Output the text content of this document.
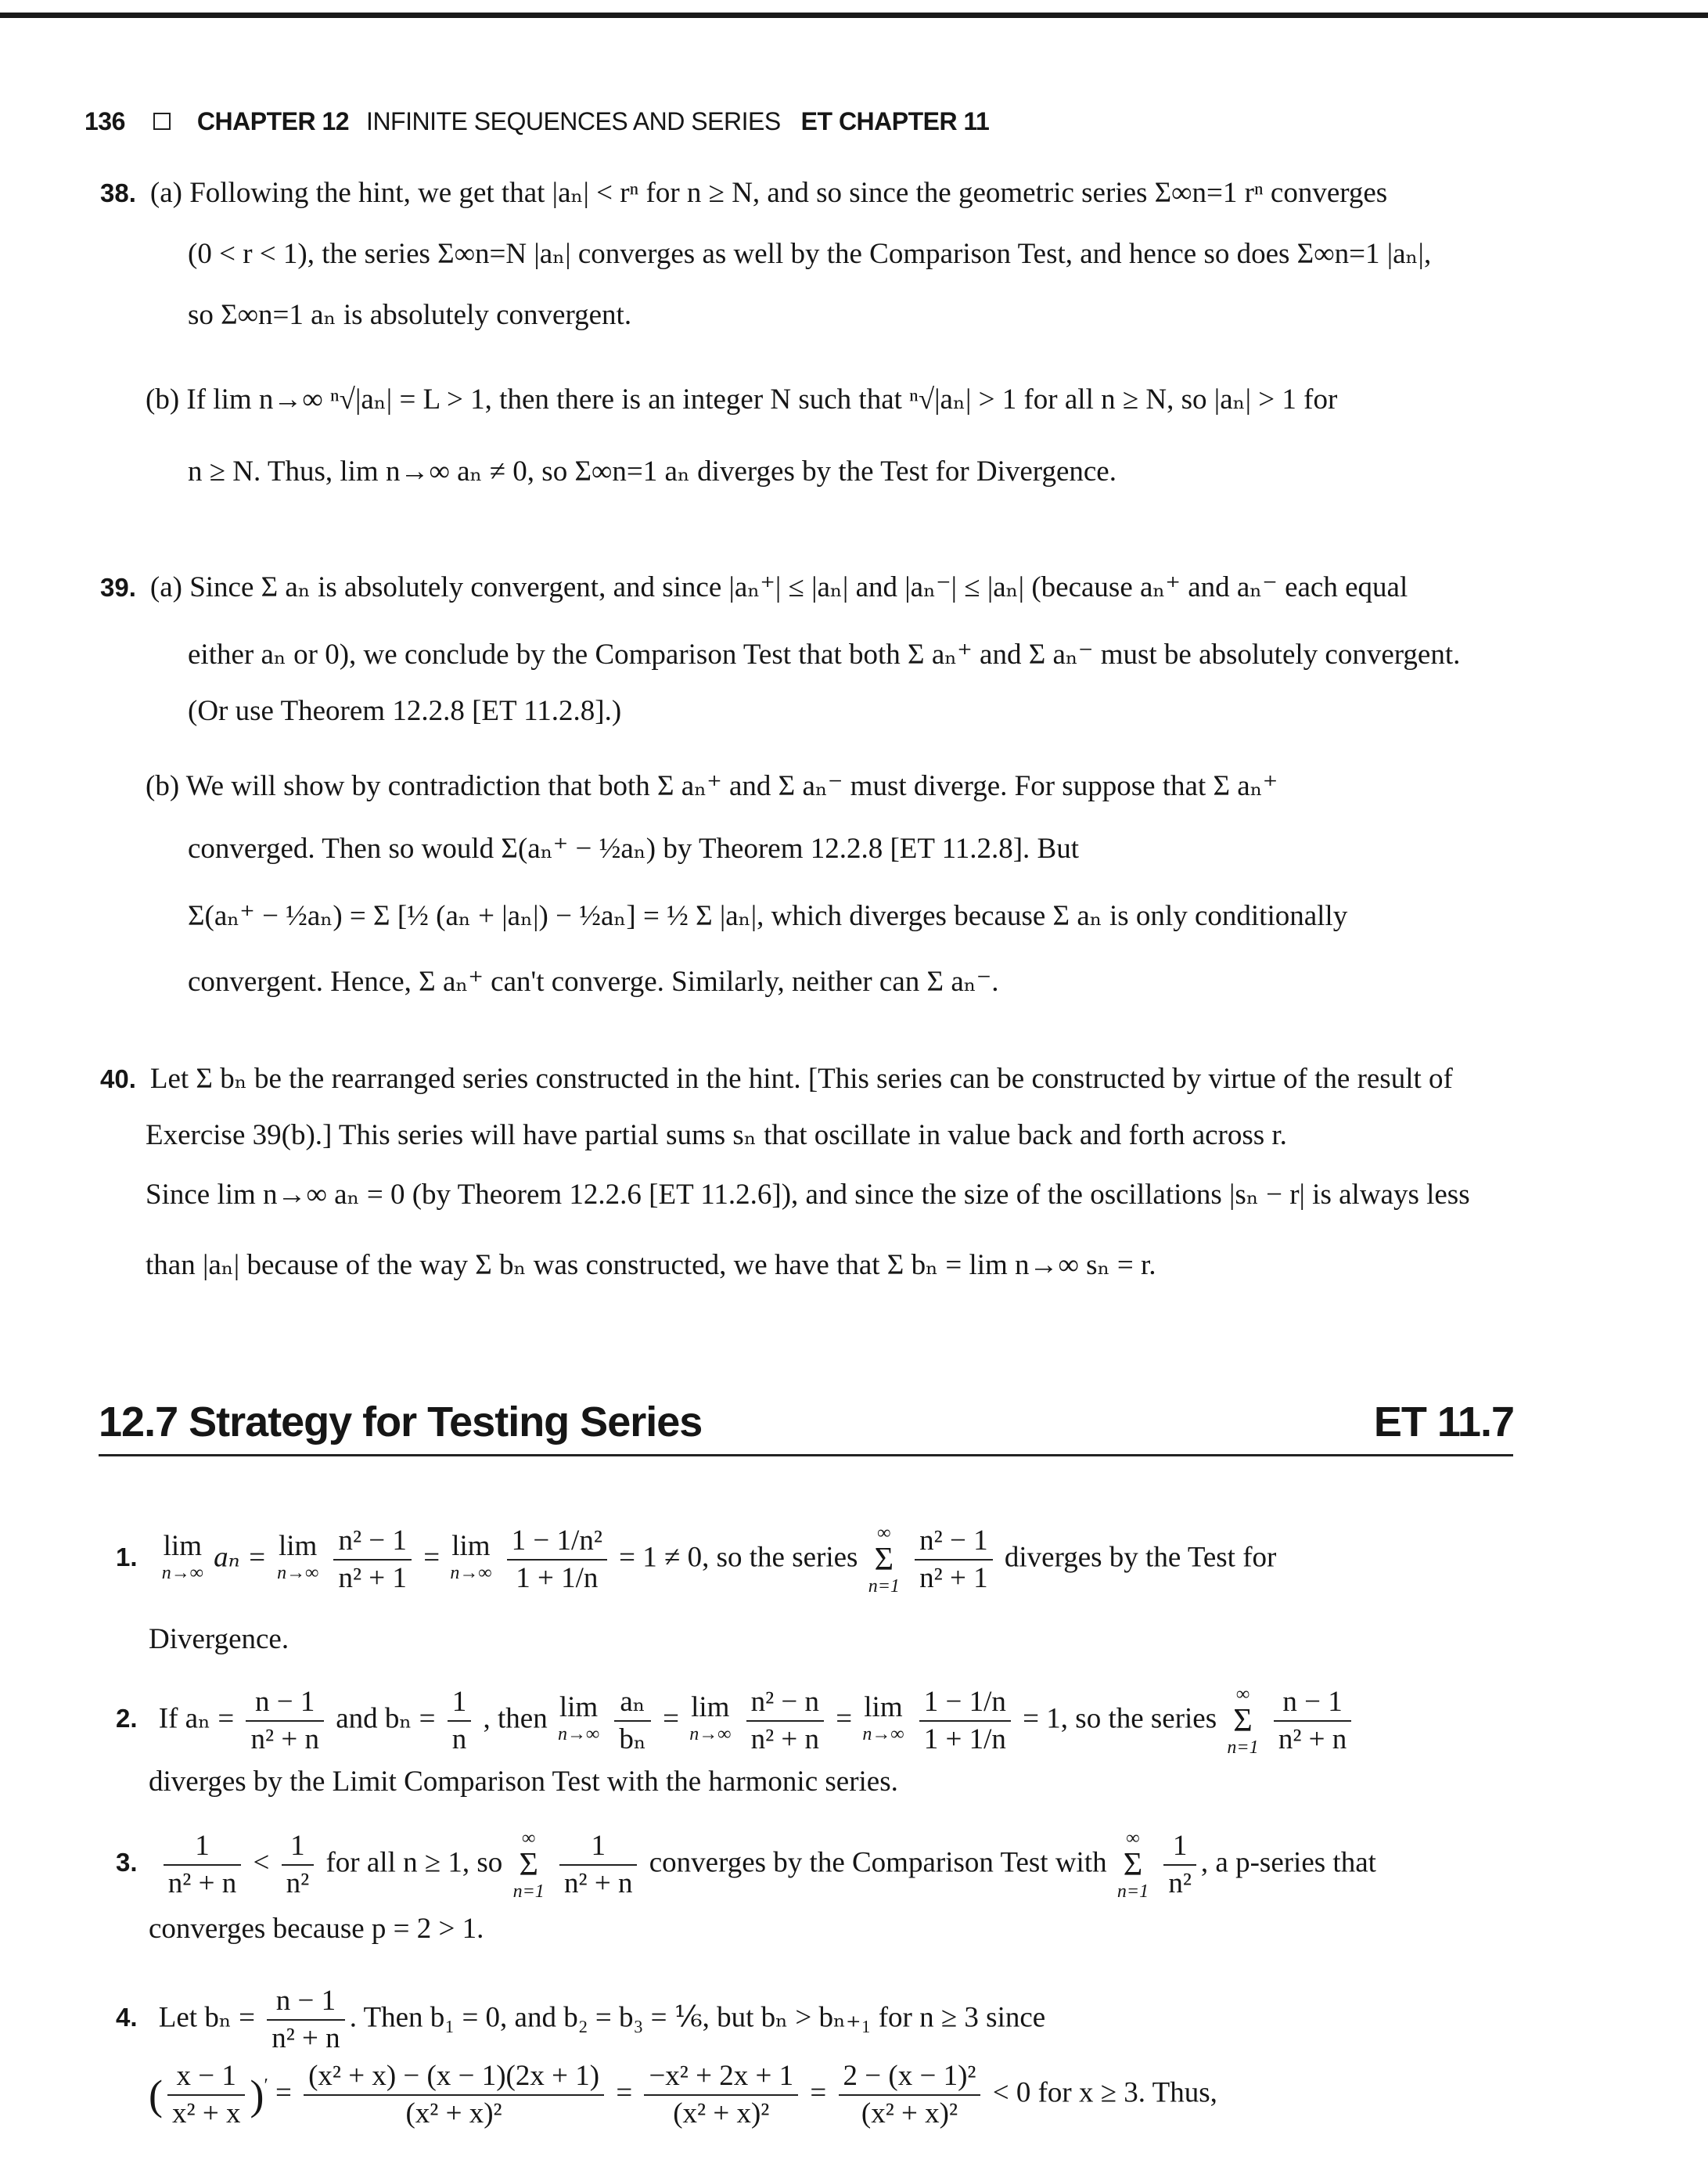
136	CHAPTER 12 INFINITE SEQUENCES AND SERIES ET CHAPTER 11
38. (a) Following the hint, we get that |aₙ| < rⁿ for n ≥ N, and so since the geometric series Σ∞n=1 rⁿ converges
(0 < r < 1), the series Σ∞n=N |aₙ| converges as well by the Comparison Test, and hence so does Σ∞n=1 |aₙ|,
so Σ∞n=1 aₙ is absolutely convergent.
(b) If lim n→∞ ⁿ√|aₙ| = L > 1, then there is an integer N such that ⁿ√|aₙ| > 1 for all n ≥ N, so |aₙ| > 1 for
n ≥ N. Thus, lim n→∞ aₙ ≠ 0, so Σ∞n=1 aₙ diverges by the Test for Divergence.
39. (a) Since Σ aₙ is absolutely convergent, and since |aₙ⁺| ≤ |aₙ| and |aₙ⁻| ≤ |aₙ| (because aₙ⁺ and aₙ⁻ each equal
either aₙ or 0), we conclude by the Comparison Test that both Σ aₙ⁺ and Σ aₙ⁻ must be absolutely convergent.
(Or use Theorem 12.2.8 [ET 11.2.8].)
(b) We will show by contradiction that both Σ aₙ⁺ and Σ aₙ⁻ must diverge. For suppose that Σ aₙ⁺
converged. Then so would Σ(aₙ⁺ − ½aₙ) by Theorem 12.2.8 [ET 11.2.8]. But
Σ(aₙ⁺ − ½aₙ) = Σ [½ (aₙ + |aₙ|) − ½aₙ] = ½ Σ |aₙ|, which diverges because Σ aₙ is only conditionally
convergent. Hence, Σ aₙ⁺ can't converge. Similarly, neither can Σ aₙ⁻.
40. Let Σ bₙ be the rearranged series constructed in the hint. [This series can be constructed by virtue of the result of
Exercise 39(b).] This series will have partial sums sₙ that oscillate in value back and forth across r.
Since lim n→∞ aₙ = 0 (by Theorem 12.2.6 [ET 11.2.6]), and since the size of the oscillations |sₙ − r| is always less
than |aₙ| because of the way Σ bₙ was constructed, we have that Σ bₙ = lim n→∞ sₙ = r.
12.7 Strategy for Testing Series	ET 11.7
1. lim
n→∞ aₙ = lim
n→∞
$\frac{\text{n² − 1}}{\text{n² + 1}} = \lim$
n→∞
$\frac{\text{1 − 1/n²}}{1 + 1/n} = 1 \ne 0$, so the series
∞
Σ
n=1
$\frac{\text{n² − 1}}{\text{n² + 1}}$ diverges by the Test for
Divergence.
2. If $a_n = \frac{n - 1}{\text{n² + n}}$ and $b_n = \frac{1}{n}$ , then lim
n→∞
$\frac{\text{aₙ}}{\text{bₙ}} = \lim$
n→∞
$\frac{\text{n² − n}}{\text{n² + n}} = \lim$
n→∞
$\frac{1 - 1/n}{1 + 1/n} = 1$, so the series
∞
Σ
n=1
$\frac{n - 1}{\text{n² + n}}$
diverges by the Limit Comparison Test with the harmonic series.
3. $\frac{1}{\text{n² + n}} < \frac{1}{\text{n²}}$ for all n ≥ 1, so
∞
Σ
n=1
$\frac{1}{\text{n² + n}}$ converges by the Comparison Test with
∞
Σ
n=1
$\frac{1}{\text{n²}}$ , a p-series that
converges because p = 2 > 1.
4. Let $b_n = \frac{n - 1}{\text{n² + n}}$ . Then b₁ = 0, and b₂ = b₃ = ⅙, but bₙ > bₙ₊₁ for n ≥ 3 since
( $\frac{x - 1}{\text{x² + x}} )' = \frac{\text{(x² + x) − (x − 1)(2x + 1)}}{\text{(x² + x)²}} = \frac{\text{−x² + 2x + 1}}{\text{(x² + x)²}} = \frac{\text{2 − (x − 1)²}}{\text{(x² + x)²}} < 0$ for x ≥ 3. Thus,
